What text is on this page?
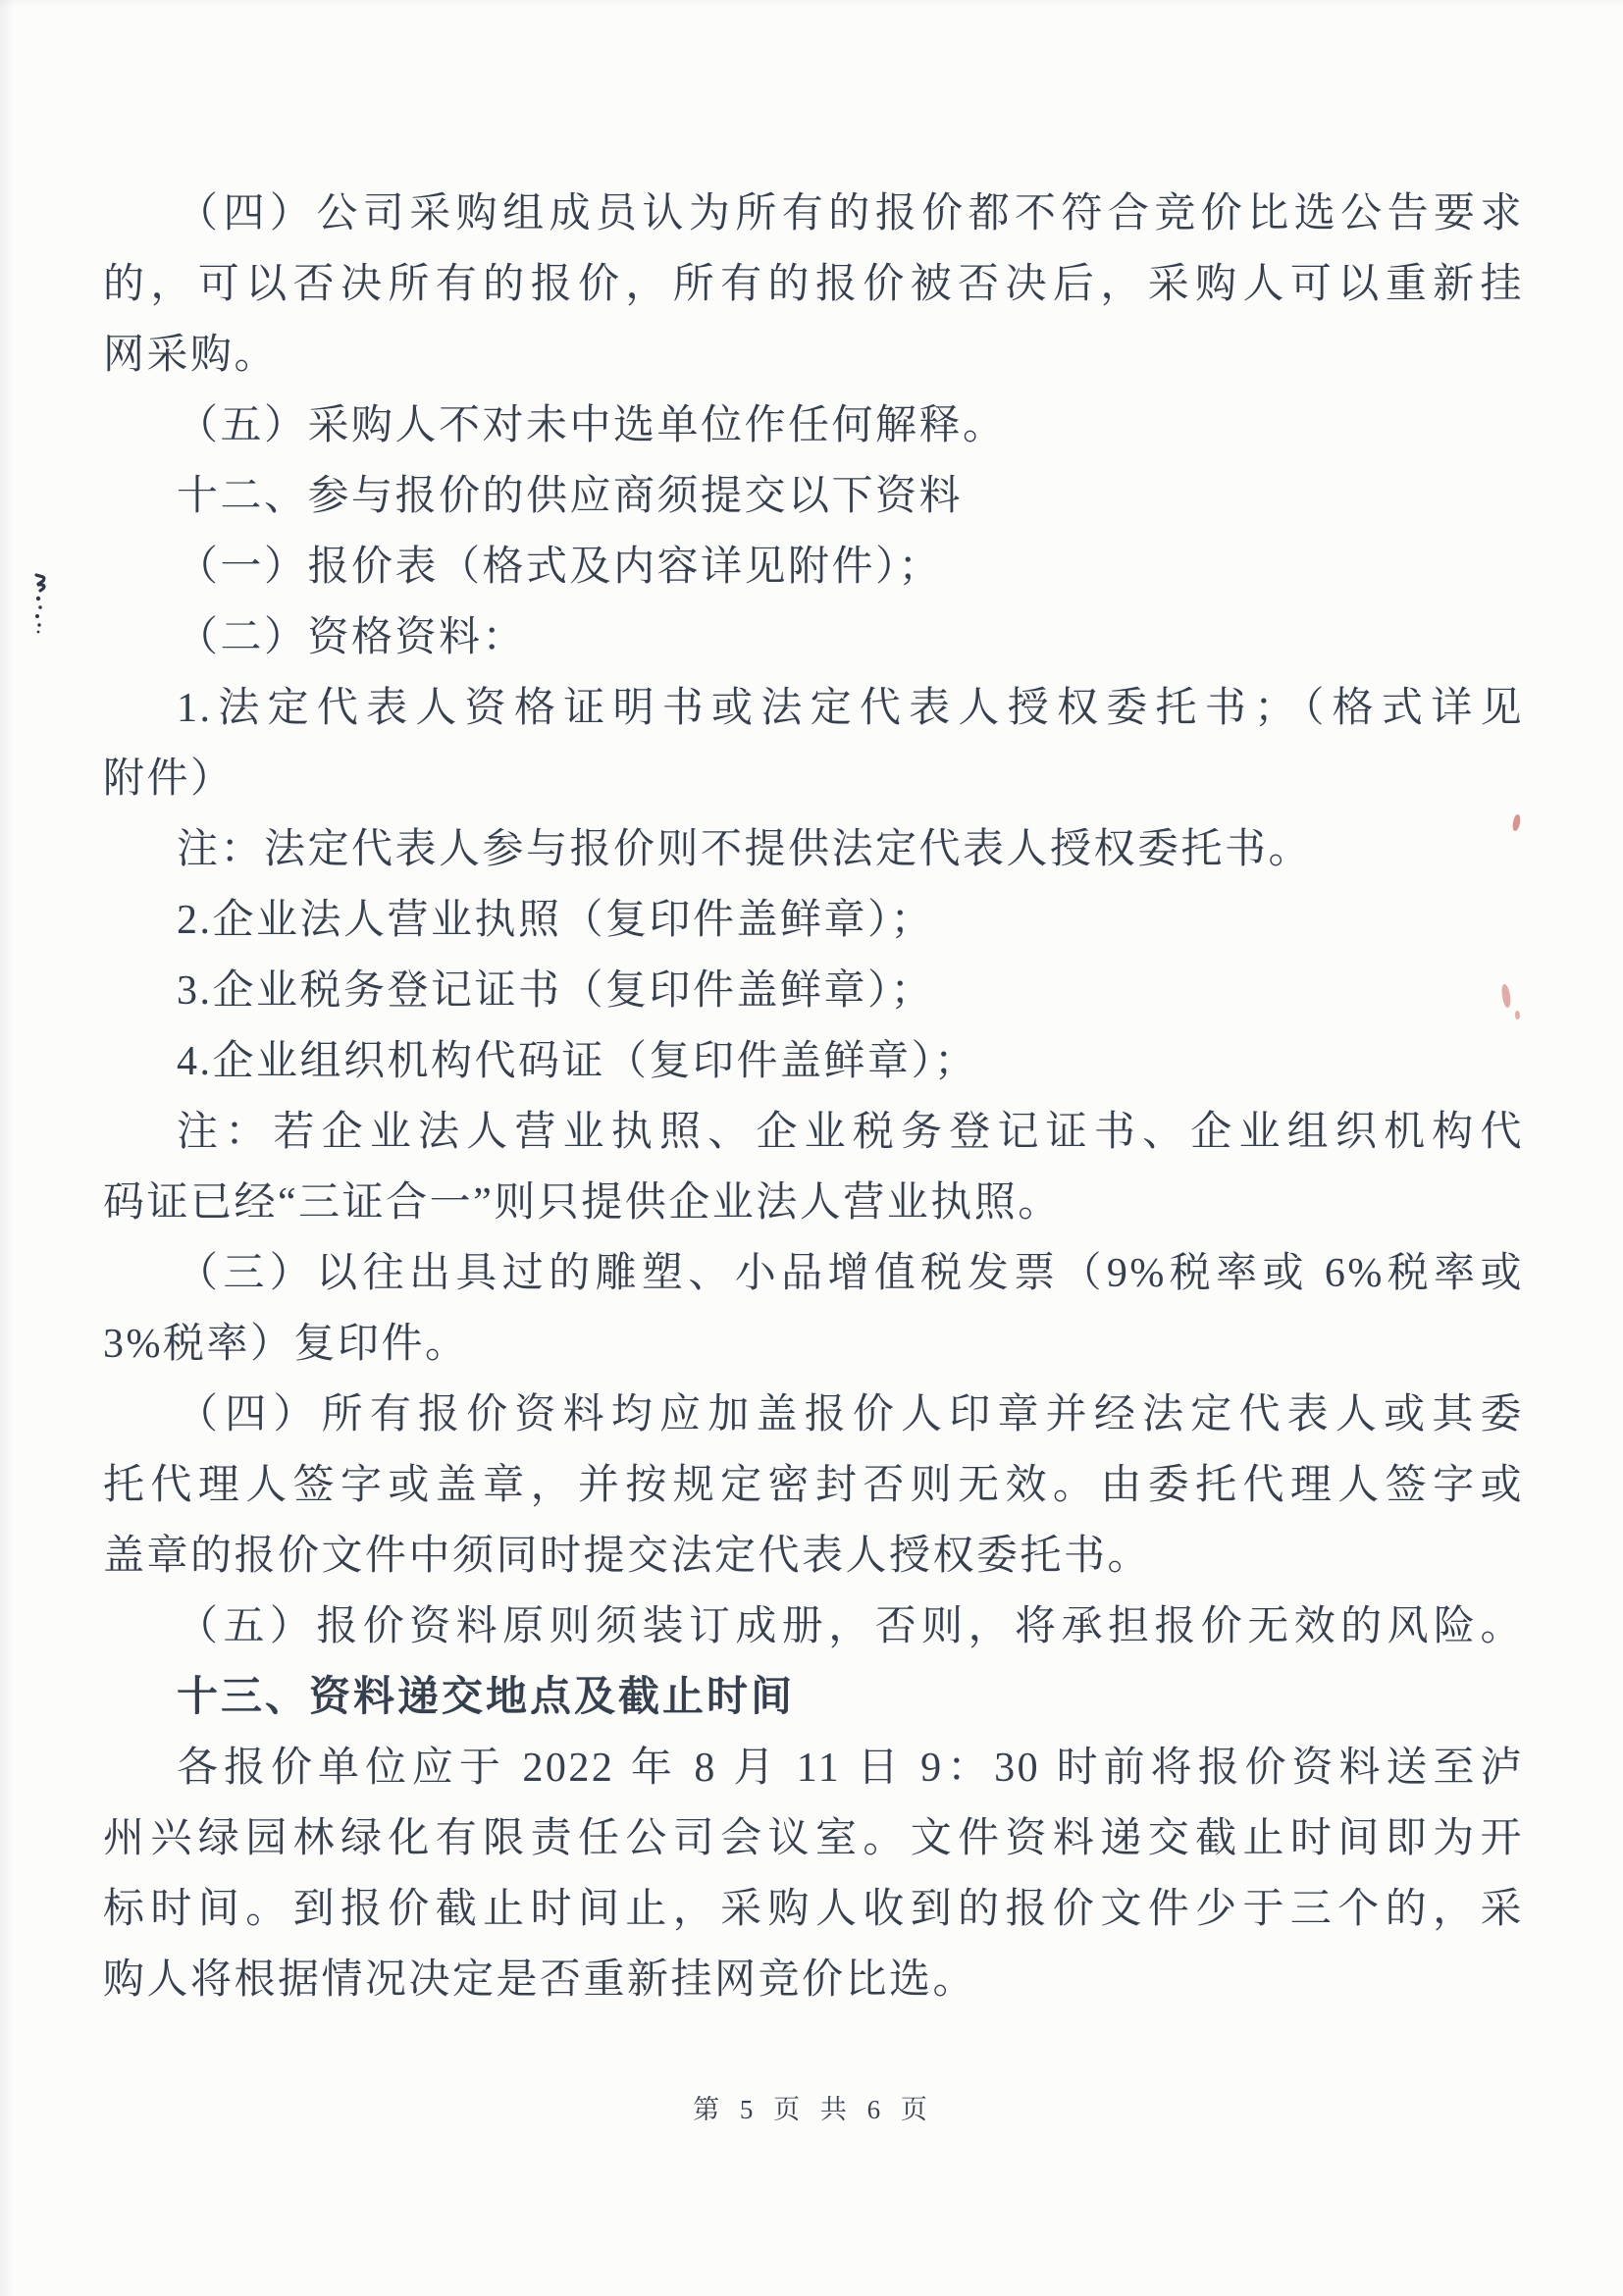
（四）公司采购组成员认为所有的报价都不符合竞价比选公告要求
的，可以否决所有的报价，所有的报价被否决后，采购人可以重新挂
网采购。
（五）采购人不对未中选单位作任何解释。
十二、参与报价的供应商须提交以下资料
（一）报价表（格式及内容详见附件）；
（二）资格资料：
1.法定代表人资格证明书或法定代表人授权委托书；（格式详见
附件）
注：法定代表人参与报价则不提供法定代表人授权委托书。
2.企业法人营业执照（复印件盖鲜章）；
3.企业税务登记证书（复印件盖鲜章）；
4.企业组织机构代码证（复印件盖鲜章）；
注：若企业法人营业执照、企业税务登记证书、企业组织机构代
码证已经“三证合一”则只提供企业法人营业执照。
（三）以往出具过的雕塑、小品增值税发票（9%税率或 6%税率或
3%税率）复印件。
（四）所有报价资料均应加盖报价人印章并经法定代表人或其委
托代理人签字或盖章，并按规定密封否则无效。由委托代理人签字或
盖章的报价文件中须同时提交法定代表人授权委托书。
（五）报价资料原则须装订成册，否则，将承担报价无效的风险。
十三、资料递交地点及截止时间
各报价单位应于 2022 年 8 月 11 日 9：30 时前将报价资料送至泸
州兴绿园林绿化有限责任公司会议室。文件资料递交截止时间即为开
标时间。到报价截止时间止，采购人收到的报价文件少于三个的，采
购人将根据情况决定是否重新挂网竞价比选。
第 5 页 共 6 页
